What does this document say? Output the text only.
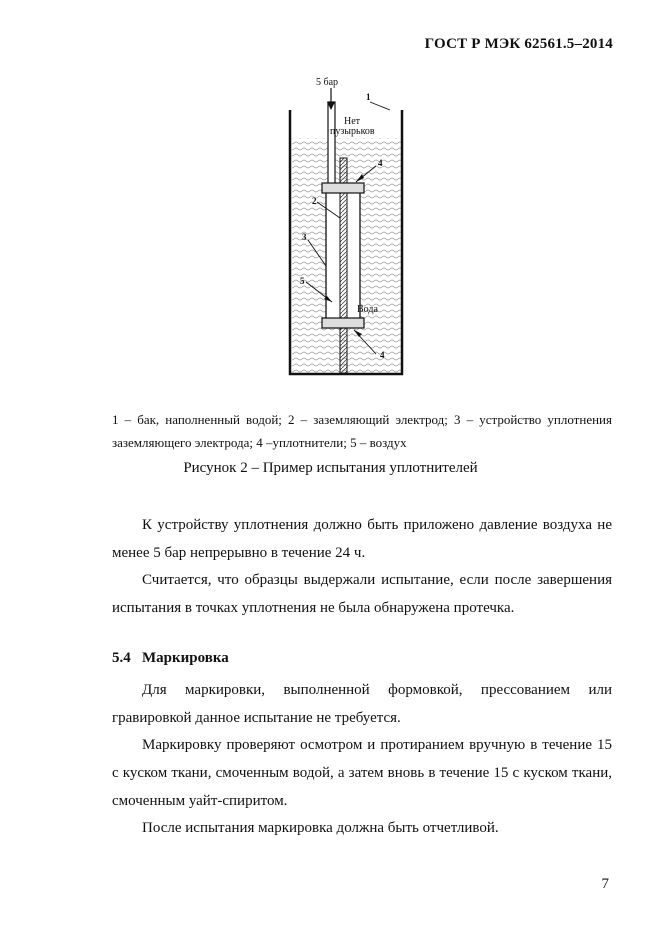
ГОСТ Р МЭК 62561.5–2014
5 бар
Нет
пузырьков
Вода
1
2
3
4
5
4
1 – бак, наполненный водой; 2 – заземляющий электрод; 3 – устройство уплотнения заземляющего электрода; 4 –уплотнители; 5 – воздух
Рисунок 2 – Пример испытания уплотнителей

К устройству уплотнения должно быть приложено давление воздуха не менее 5 бар непрерывно в течение 24 ч.

Считается, что образцы выдержали испытание, если после завершения испытания в точках уплотнения не была обнаружена протечка.

5.4 Маркировка

Для маркировки, выполненной формовкой, прессованием или гравировкой данное испытание не требуется.

Маркировку проверяют осмотром и протиранием вручную в течение 15 с куском ткани, смоченным водой, а затем вновь в течение 15 с куском ткани, смоченным уайт-спиритом.

После испытания маркировка должна быть отчетливой.

7
